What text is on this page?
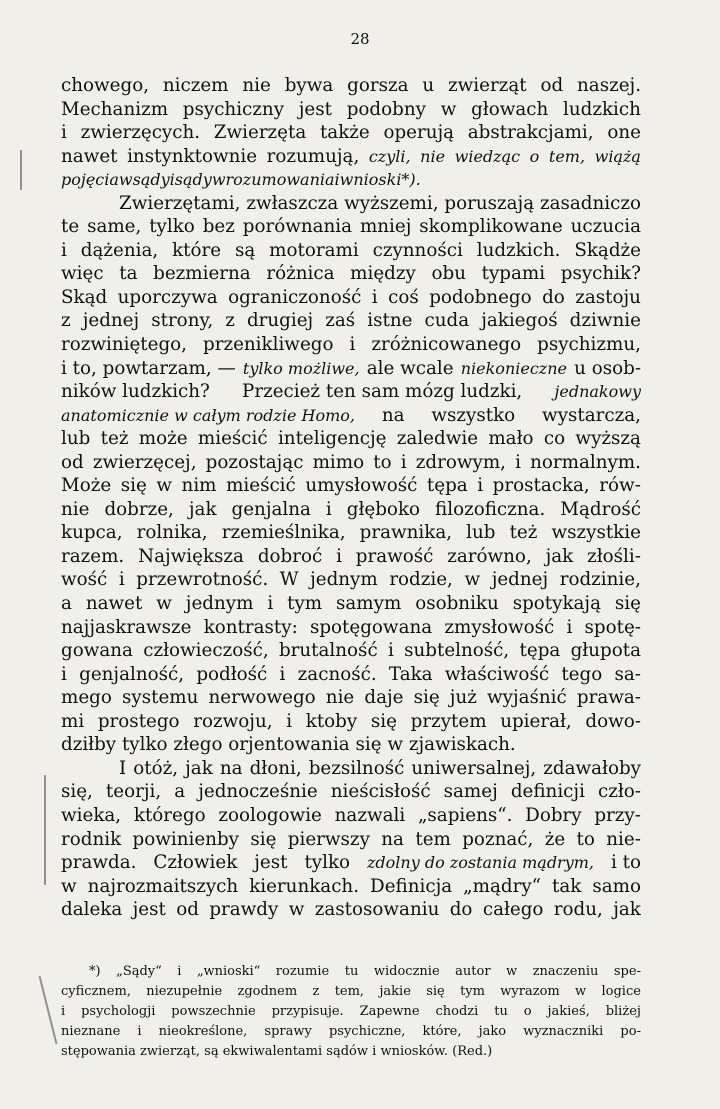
28
chowego, niczem nie bywa gorsza u zwierząt od naszej.
Mechanizm psychiczny jest podobny w głowach ludzkich
i zwierzęcych. Zwierzęta także operują abstrakcjami, one
nawet instynktownie rozumują, czyli, nie wiedząc o tem, wiążą
pojęcia w sądy i sądy w rozumowania i wnioski*).
Zwierzętami, zwłaszcza wyższemi, poruszają zasadniczo
te same, tylko bez porównania mniej skomplikowane uczucia
i dążenia, które są motorami czynności ludzkich. Skądże
więc ta bezmierna różnica między obu typami psychik?
Skąd uporczywa ograniczoność i coś podobnego do zastoju
z jednej strony, z drugiej zaś istne cuda jakiegoś dziwnie
rozwiniętego, przenikliwego i zróżnicowanego psychizmu,
i to, powtarzam, — tylko możliwe, ale wcale niekonieczne u osob-
ników ludzkich? Przecież ten sam mózg ludzki, jednakowy
anatomicznie w całym rodzie Homo, na wszystko wystarcza,
lub też może mieścić inteligencję zaledwie mało co wyższą
od zwierzęcej, pozostając mimo to i zdrowym, i normalnym.
Może się w nim mieścić umysłowość tępa i prostacka, rów-
nie dobrze, jak genjalna i głęboko filozoficzna. Mądrość
kupca, rolnika, rzemieślnika, prawnika, lub też wszystkie
razem. Największa dobroć i prawość zarówno, jak złośli-
wość i przewrotność. W jednym rodzie, w jednej rodzinie,
a nawet w jednym i tym samym osobniku spotykają się
najjaskrawsze kontrasty: spotęgowana zmysłowość i spotę-
gowana człowieczość, brutalność i subtelność, tępa głupota
i genjalność, podłość i zacność. Taka właściwość tego sa-
mego systemu nerwowego nie daje się już wyjaśnić prawa-
mi prostego rozwoju, i ktoby się przytem upierał, dowo-
dziłby tylko złego orjentowania się w zjawiskach.
I otóż, jak na dłoni, bezsilność uniwersalnej, zdawałoby
się, teorji, a jednocześnie nieścisłość samej definicji czło-
wieka, którego zoologowie nazwali „sapiens“. Dobry przy-
rodnik powinienby się pierwszy na tem poznać, że to nie-
prawda. Człowiek jest tylko zdolny do zostania mądrym, i to
w najrozmaitszych kierunkach. Definicja „mądry“ tak samo
daleka jest od prawdy w zastosowaniu do całego rodu, jak
*) „Sądy“ i „wnioski“ rozumie tu widocznie autor w znaczeniu spe-
cyficznem, niezupełnie zgodnem z tem, jakie się tym wyrazom w logice
i psychologji powszechnie przypisuje. Zapewne chodzi tu o jakieś, bliżej
nieznane i nieokreślone, sprawy psychiczne, które, jako wyznaczniki po-
stępowania zwierząt, są ekwiwalentami sądów i wniosków. (Red.)
